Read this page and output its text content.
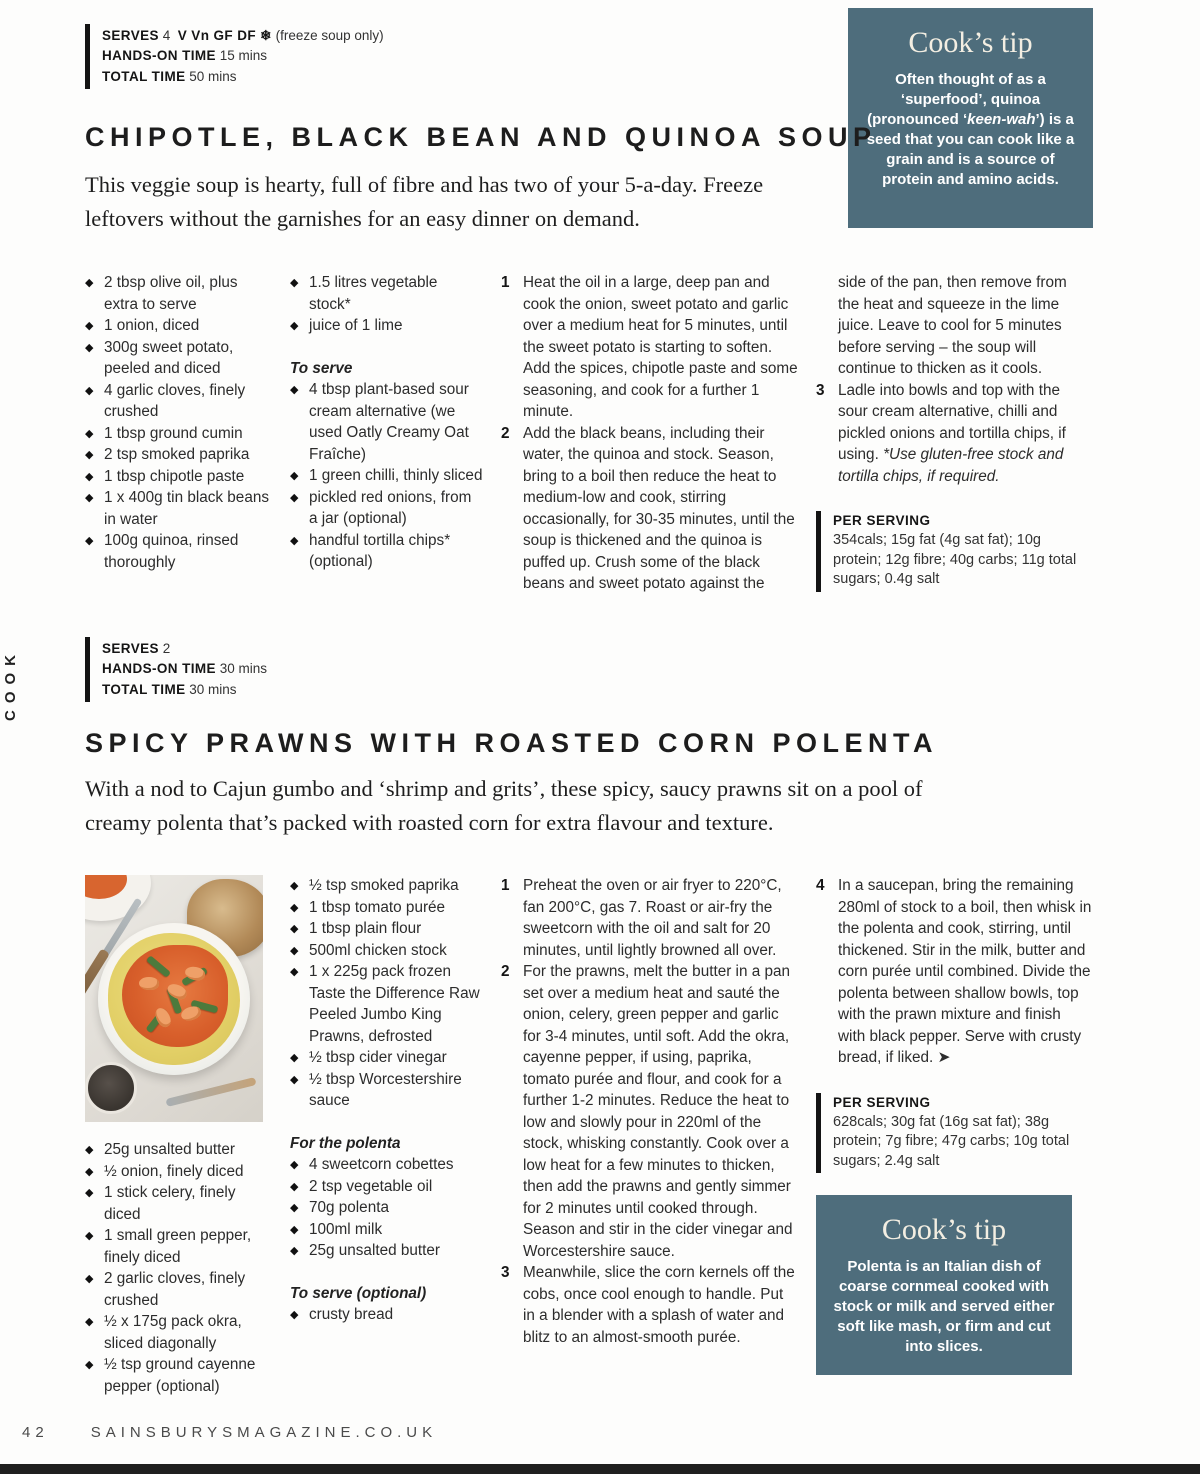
COOK
SERVES 4 V Vn GF DF ❄ (freeze soup only)
HANDS-ON TIME 15 mins
TOTAL TIME 50 mins
Cook’s tip

Often thought of as a ‘superfood’, quinoa (pronounced ‘keen-wah’) is a seed that you can cook like a grain and is a source of protein and amino acids.

CHIPOTLE, BLACK BEAN AND QUINOA SOUP

This veggie soup is hearty, full of fibre and has two of your 5-a-day. Freeze leftovers without the garnishes for an easy dinner on demand.

◆ 2 tbsp olive oil, plus extra to serve
◆ 1 onion, diced
◆ 300g sweet potato, peeled and diced
◆ 4 garlic cloves, finely crushed
◆ 1 tbsp ground cumin
◆ 2 tsp smoked paprika
◆ 1 tbsp chipotle paste
◆ 1 x 400g tin black beans in water
◆ 100g quinoa, rinsed thoroughly
◆ 1.5 litres vegetable stock*
◆ juice of 1 lime

To serve

◆ 4 tbsp plant-based sour cream alternative (we used Oatly Creamy Oat Fraîche)
◆ 1 green chilli, thinly sliced
◆ pickled red onions, from a jar (optional)
◆ handful tortilla chips* (optional)
1 Heat the oil in a large, deep pan and cook the onion, sweet potato and garlic over a medium heat for 5 minutes, until the sweet potato is starting to soften. Add the spices, chipotle paste and some seasoning, and cook for a further 1 minute.
2 Add the black beans, including their water, the quinoa and stock. Season, bring to a boil then reduce the heat to medium-low and cook, stirring occasionally, for 30-35 minutes, until the soup is thickened and the quinoa is puffed up. Crush some of the black beans and sweet potato against the
side of the pan, then remove from the heat and squeeze in the lime juice. Leave to cool for 5 minutes before serving – the soup will continue to thicken as it cools.
3 Ladle into bowls and top with the sour cream alternative, chilli and pickled onions and tortilla chips, if using. *Use gluten-free stock and tortilla chips, if required.
PER SERVING
354cals; 15g fat (4g sat fat); 10g protein; 12g fibre; 40g carbs; 11g total sugars; 0.4g salt
SERVES 2
HANDS-ON TIME 30 mins
TOTAL TIME 30 mins
SPICY PRAWNS WITH ROASTED CORN POLENTA

With a nod to Cajun gumbo and ‘shrimp and grits’, these spicy, saucy prawns sit on a pool of creamy polenta that’s packed with roasted corn for extra flavour and texture.

◆ 25g unsalted butter
◆ ½ onion, finely diced
◆ 1 stick celery, finely diced
◆ 1 small green pepper, finely diced
◆ 2 garlic cloves, finely crushed
◆ ½ x 175g pack okra, sliced diagonally
◆ ½ tsp ground cayenne pepper (optional)
◆ ½ tsp smoked paprika
◆ 1 tbsp tomato purée
◆ 1 tbsp plain flour
◆ 500ml chicken stock
◆ 1 x 225g pack frozen Taste the Difference Raw Peeled Jumbo King Prawns, defrosted
◆ ½ tbsp cider vinegar
◆ ½ tbsp Worcestershire sauce

For the polenta

◆ 4 sweetcorn cobettes
◆ 2 tsp vegetable oil
◆ 70g polenta
◆ 100ml milk
◆ 25g unsalted butter

To serve (optional)

◆ crusty bread
1 Preheat the oven or air fryer to 220°C, fan 200°C, gas 7. Roast or air-fry the sweetcorn with the oil and salt for 20 minutes, until lightly browned all over.
2 For the prawns, melt the butter in a pan set over a medium heat and sauté the onion, celery, green pepper and garlic for 3-4 minutes, until soft. Add the okra, cayenne pepper, if using, paprika, tomato purée and flour, and cook for a further 1-2 minutes. Reduce the heat to low and slowly pour in 220ml of the stock, whisking constantly. Cook over a low heat for a few minutes to thicken, then add the prawns and gently simmer for 2 minutes until cooked through. Season and stir in the cider vinegar and Worcestershire sauce.
3 Meanwhile, slice the corn kernels off the cobs, once cool enough to handle. Put in a blender with a splash of water and blitz to an almost-smooth purée.
4 In a saucepan, bring the remaining 280ml of stock to a boil, then whisk in the polenta and cook, stirring, until thickened. Stir in the milk, butter and corn purée until combined. Divide the polenta between shallow bowls, top with the prawn mixture and finish with black pepper. Serve with crusty bread, if liked. ➤
PER SERVING
628cals; 30g fat (16g sat fat); 38g protein; 7g fibre; 47g carbs; 10g total sugars; 2.4g salt
Cook’s tip

Polenta is an Italian dish of coarse cornmeal cooked with stock or milk and served either soft like mash, or firm and cut into slices.

42	SAINSBURYSMAGAZINE.CO.UK
